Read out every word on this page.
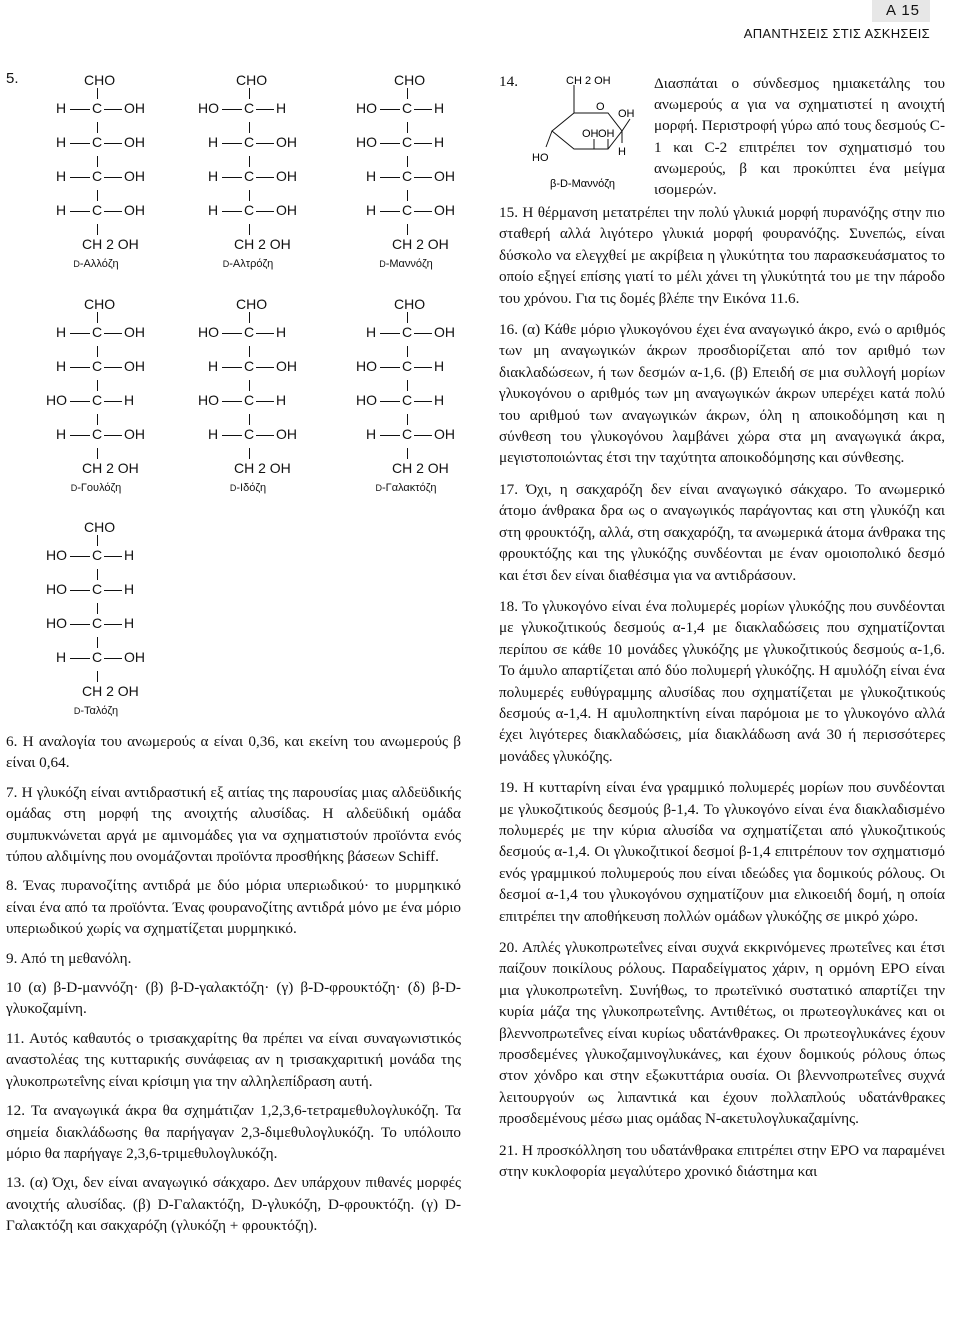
A 15
ΑΠΑΝΤΗΣΕΙΣ ΣΤΙΣ ΑΣΚΗΣΕΙΣ
5.	CHO
C
H	OH
C
H	OH
C
H	OH
C
H	OH
CH 2 OH
D-Αλλόζη
CHO
C
HO	H
C
H	OH
C
H	OH
C
H	OH
CH 2 OH
D-Αλτρόζη
CHO
C
HO	H
C
HO	H
C
H	OH
C
H	OH
CH 2 OH
D-Μαννόζη
CHO
C
H	OH
C
H	OH
C
HO	H
C
H	OH
CH 2 OH
D-Γουλόζη
CHO
C
HO	H
C
H	OH
C
HO	H
C
H	OH
CH 2 OH
D-Ιδόζη
CHO
C
H	OH
C
HO	H
C
HO	H
C
H	OH
CH 2 OH
D-Γαλακτόζη
CHO
C
HO	H
C
HO	H
C
HO	H
C
H	OH
CH 2 OH
D-Ταλόζη
14.	CH 2 OH
O
OH
OH OH
H
HO
β-D-Μαννόζη
Διασπάται ο σύνδεσμος ημιακετάλης του ανωμερούς α για να σχηματιστεί η ανοιχτή μορφή. Περιστροφή γύρω από τους δεσμούς C-1 και C-2 επιτρέπει τον σχηματισμό του ανωμερούς, β και προκύπτει ένα μείγμα ισομερών.

6. Η αναλογία του ανωμερούς α είναι 0,36, και εκείνη του ανωμερούς β είναι 0,64.

7. Η γλυκόζη είναι αντιδραστική εξ αιτίας της παρουσίας μιας αλδεϋδικής ομάδας στη μορφή της ανοιχτής αλυσίδας. Η αλδεϋδική ομάδα συμπυκνώνεται αργά με αμινομάδες για να σχηματιστούν προϊόντα ενός τύπου αλδιμίνης που ονομάζονται προϊόντα προσθήκης βάσεων Schiff.

8. Ένας πυρανοζίτης αντιδρά με δύο μόρια υπεριωδικού· το μυρμηκικό είναι ένα από τα προϊόντα. Ένας φουρανοζίτης αντιδρά μόνο με ένα μόριο υπεριωδικού χωρίς να σχηματίζεται μυρμηκικό.

9. Από τη μεθανόλη.

10 (α) β-D-μαννόζη· (β) β-D-γαλακτόζη· (γ) β-D-φρουκτόζη· (δ) β-D-γλυκοζαμίνη.

11. Αυτός καθαυτός ο τρισακχαρίτης θα πρέπει να είναι συναγωνιστικός αναστολέας της κυτταρικής συνάφειας αν η τρισακχαριτική μονάδα της γλυκοπρωτεΐνης είναι κρίσιμη για την αλληλεπίδραση αυτή.

12. Τα αναγωγικά άκρα θα σχημάτιζαν 1,2,3,6-τετραμεθυλογλυκόζη. Τα σημεία διακλάδωσης θα παρήγαγαν 2,3-διμεθυλογλυκόζη. Το υπόλοιπο μόριο θα παρήγαγε 2,3,6-τριμεθυλογλυκόζη.

13. (α) Όχι, δεν είναι αναγωγικό σάκχαρο. Δεν υπάρχουν πιθανές μορφές ανοιχτής αλυσίδας. (β) D-Γαλακτόζη, D-γλυκόζη, D-φρουκτόζη. (γ) D-Γαλακτόζη και σακχαρόζη (γλυκόζη + φρουκτόζη).

15. Η θέρμανση μετατρέπει την πολύ γλυκιά μορφή πυρανόζης στην πιο σταθερή αλλά λιγότερο γλυκιά μορφή φουρανόζης. Συνεπώς, είναι δύσκολο να ελεγχθεί με ακρίβεια η γλυκύτητα του παρασκευάσματος το οποίο εξηγεί επίσης γιατί το μέλι χάνει τη γλυκύτητά του με την πάροδο του χρόνου. Για τις δομές βλέπε την Εικόνα 11.6.

16. (α) Κάθε μόριο γλυκογόνου έχει ένα αναγωγικό άκρο, ενώ ο αριθμός των μη αναγωγικών άκρων προσδιορίζεται από τον αριθμό των διακλαδώσεων, ή των δεσμών α-1,6. (β) Επειδή σε μια συλλογή μορίων γλυκογόνου ο αριθμός των μη αναγωγικών άκρων υπερέχει κατά πολύ του αριθμού των αναγωγικών άκρων, όλη η αποικοδόμηση και η σύνθεση του γλυκογόνου λαμβάνει χώρα στα μη αναγωγικά άκρα, μεγιστοποιώντας έτσι την ταχύτητα αποικοδόμησης και σύνθεσης.

17. Όχι, η σακχαρόζη δεν είναι αναγωγικό σάκχαρο. Το ανωμερικό άτομο άνθρακα δρα ως ο αναγωγικός παράγοντας και στη γλυκόζη και στη φρουκτόζη, αλλά, στη σακχαρόζη, τα ανωμερικά άτομα άνθρακα της φρουκτόζης και της γλυκόζης συνδέονται με έναν ομοιοπολικό δεσμό και έτσι δεν είναι διαθέσιμα για να αντιδράσουν.

18. Το γλυκογόνο είναι ένα πολυμερές μορίων γλυκόζης που συνδέονται με γλυκοζιτικούς δεσμούς α-1,4 με διακλαδώσεις που σχηματίζονται περίπου σε κάθε 10 μονάδες γλυκόζης με γλυκοζιτικούς δεσμούς α-1,6. Το άμυλο απαρτίζεται από δύο πολυμερή γλυκόζης. Η αμυλόζη είναι ένα πολυμερές ευθύγραμμης αλυσίδας που σχηματίζεται με γλυκοζιτικούς δεσμούς α-1,4. Η αμυλοπηκτίνη είναι παρόμοια με το γλυκογόνο αλλά έχει λιγότερες διακλαδώσεις, μία διακλάδωση ανά 30 ή περισσότερες μονάδες γλυκόζης.

19. Η κυτταρίνη είναι ένα γραμμικό πολυμερές μορίων που συνδέονται με γλυκοζιτικούς δεσμούς β-1,4. Το γλυκογόνο είναι ένα διακλαδισμένο πολυμερές με την κύρια αλυσίδα να σχηματίζεται από γλυκοζιτικούς δεσμούς α-1,4. Οι γλυκοζιτικοί δεσμοί β-1,4 επιτρέπουν τον σχηματισμό ενός γραμμικού πολυμερούς που είναι ιδεώδες για δομικούς ρόλους. Οι δεσμοί α-1,4 του γλυκογόνου σχηματίζουν μια ελικοειδή δομή, η οποία επιτρέπει την αποθήκευση πολλών ομάδων γλυκόζης σε μικρό χώρο.

20. Απλές γλυκοπρωτεΐνες είναι συχνά εκκρινόμενες πρωτεΐνες και έτσι παίζουν ποικίλους ρόλους. Παραδείγματος χάριν, η ορμόνη ΕΡΟ είναι μια γλυκοπρωτεΐνη. Συνήθως, το πρωτεϊνικό συστατικό απαρτίζει την κυρία μάζα της γλυκοπρωτεΐνης. Αντιθέτως, οι πρωτεογλυκάνες και οι βλεννοπρωτεΐνες είναι κυρίως υδατάνθρακες. Οι πρωτεογλυκάνες έχουν προσδεμένες γλυκοζαμινογλυκάνες, και έχουν δομικούς ρόλους όπως στον χόνδρο και στην εξωκυττάρια ουσία. Οι βλεννοπρωτεΐνες συχνά λειτουργούν ως λιπαντικά και έχουν πολλαπλούς υδατάνθρακες προσδεμένους μέσω μιας ομάδας N-ακετυλογλυκαζαμίνης.

21. Η προσκόλληση του υδατάνθρακα επιτρέπει στην ΕΡΟ να παραμένει στην κυκλοφορία μεγαλύτερο χρονικό διάστημα και
